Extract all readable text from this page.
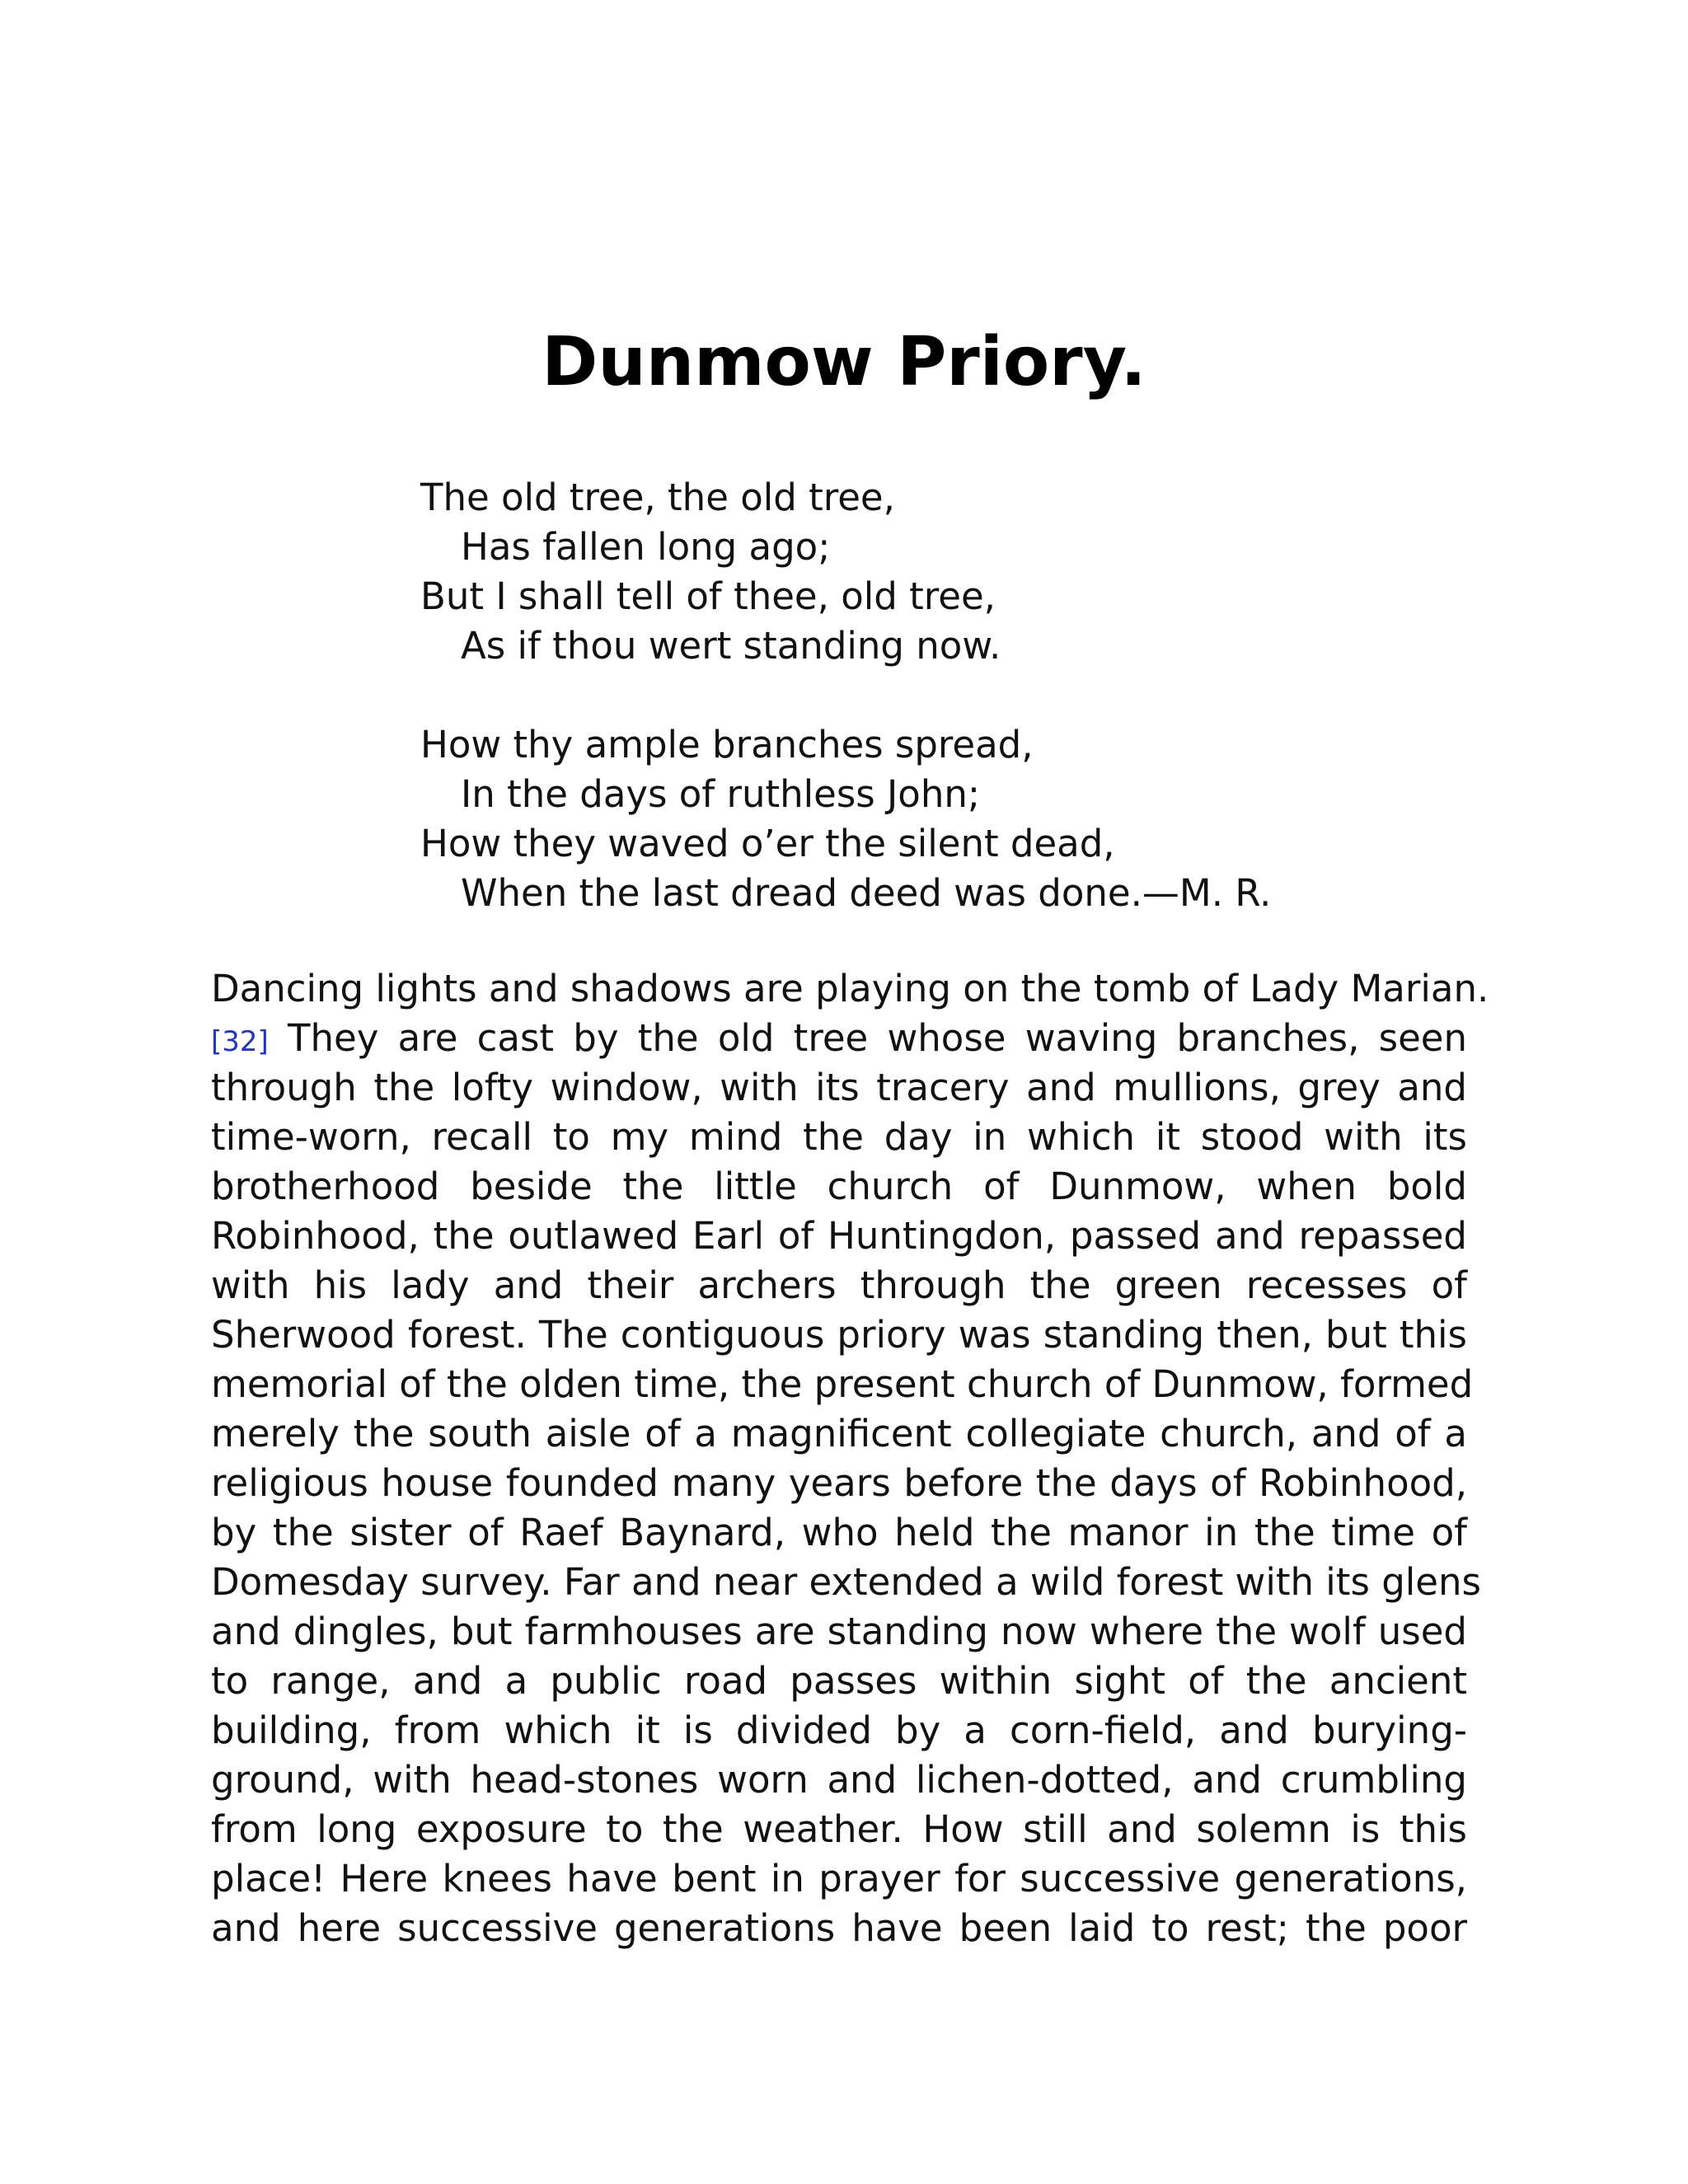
Dunmow Priory.
The old tree, the old tree,
Has fallen long ago;
But I shall tell of thee, old tree,
As if thou wert standing now.
How thy ample branches spread,
In the days of ruthless John;
How they waved o’er the silent dead,
When the last dread deed was done.—M. R.
Dancing lights and shadows are playing on the tomb of Lady Marian.
[32] They are cast by the old tree whose waving branches, seen
through the lofty window, with its tracery and mullions, grey and
time-worn, recall to my mind the day in which it stood with its
brotherhood beside the little church of Dunmow, when bold
Robinhood, the outlawed Earl of Huntingdon, passed and repassed
with his lady and their archers through the green recesses of
Sherwood forest. The contiguous priory was standing then, but this
memorial of the olden time, the present church of Dunmow, formed
merely the south aisle of a magnificent collegiate church, and of a
religious house founded many years before the days of Robinhood,
by the sister of Raef Baynard, who held the manor in the time of
Domesday survey. Far and near extended a wild forest with its glens
and dingles, but farmhouses are standing now where the wolf used
to range, and a public road passes within sight of the ancient
building, from which it is divided by a corn-field, and burying-
ground, with head-stones worn and lichen-dotted, and crumbling
from long exposure to the weather. How still and solemn is this
place! Here knees have bent in prayer for successive generations,
and here successive generations have been laid to rest; the poor
